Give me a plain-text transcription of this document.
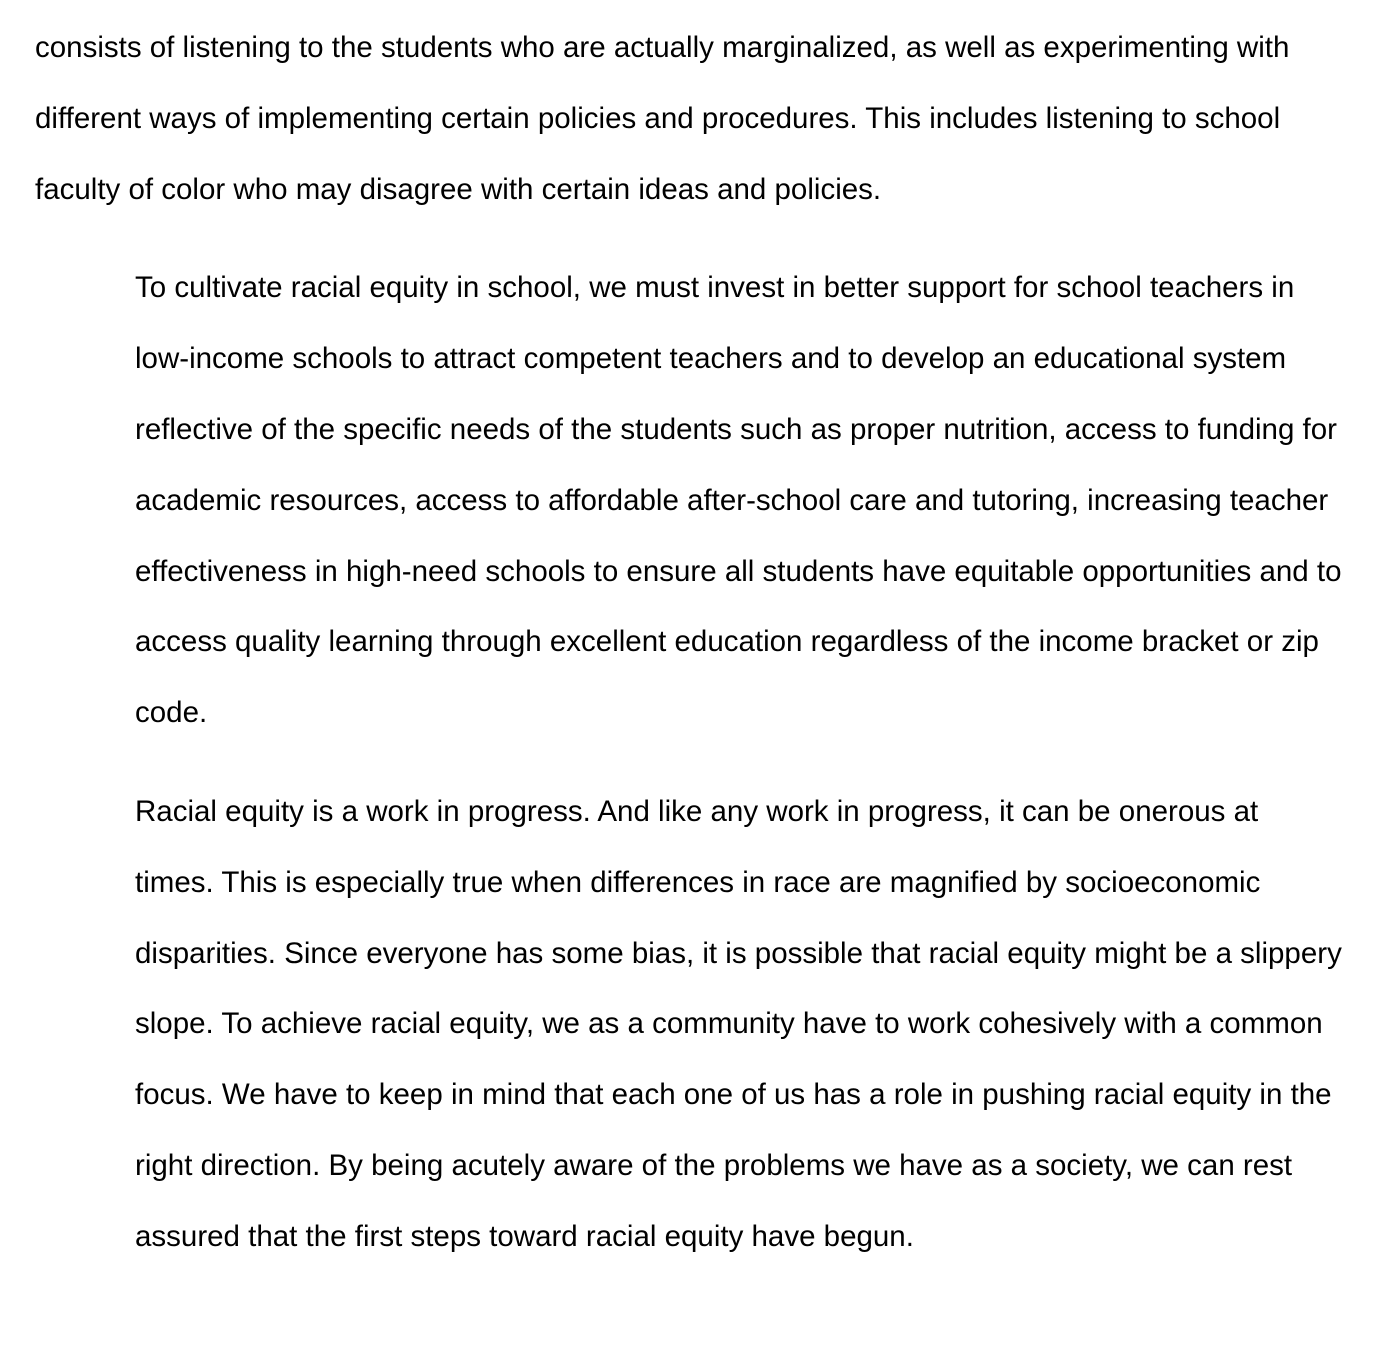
consists of listening to the students who are actually marginalized, as well as experimenting with
different ways of implementing certain policies and procedures. This includes listening to school
faculty of color who may disagree with certain ideas and policies.

To cultivate racial equity in school, we must invest in better support for school teachers in
low-income schools to attract competent teachers and to develop an educational system
reflective of the specific needs of the students such as proper nutrition, access to funding for
academic resources, access to affordable after-school care and tutoring, increasing teacher
effectiveness in high-need schools to ensure all students have equitable opportunities and to
access quality learning through excellent education regardless of the income bracket or zip
code.

Racial equity is a work in progress. And like any work in progress, it can be onerous at
times. This is especially true when differences in race are magnified by socioeconomic
disparities. Since everyone has some bias, it is possible that racial equity might be a slippery
slope. To achieve racial equity, we as a community have to work cohesively with a common
focus. We have to keep in mind that each one of us has a role in pushing racial equity in the
right direction. By being acutely aware of the problems we have as a society, we can rest
assured that the first steps toward racial equity have begun.
